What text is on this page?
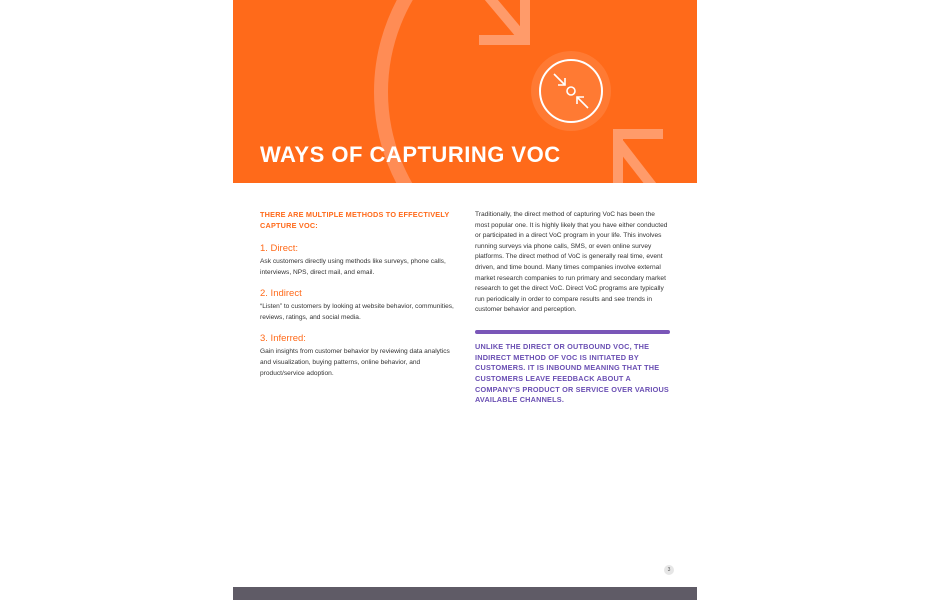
WAYS OF CAPTURING VOC

THERE ARE MULTIPLE METHODS TO EFFECTIVELY CAPTURE VOC:

1. Direct:

Ask customers directly using methods like surveys, phone calls, interviews, NPS, direct mail, and email.

2. Indirect

“Listen” to customers by looking at website behavior, communities, reviews, ratings, and social media.

3. Inferred:

Gain insights from customer behavior by reviewing data analytics and visualization, buying patterns, online behavior, and product/service adoption.

Traditionally, the direct method of capturing VoC has been the most popular one. It is highly likely that you have either conducted or participated in a direct VoC program in your life. This involves running surveys via phone calls, SMS, or even online survey platforms. The direct method of VoC is generally real time, event driven, and time bound. Many times companies involve external market research companies to run primary and secondary market research to get the direct VoC. Direct VoC programs are typically run periodically in order to compare results and see trends in customer behavior and perception.

UNLIKE THE DIRECT OR OUTBOUND VOC, THE INDIRECT METHOD OF VOC IS INITIATED BY CUSTOMERS. IT IS INBOUND MEANING THAT THE CUSTOMERS LEAVE FEEDBACK ABOUT A COMPANY'S PRODUCT OR SERVICE OVER VARIOUS AVAILABLE CHANNELS.

3
